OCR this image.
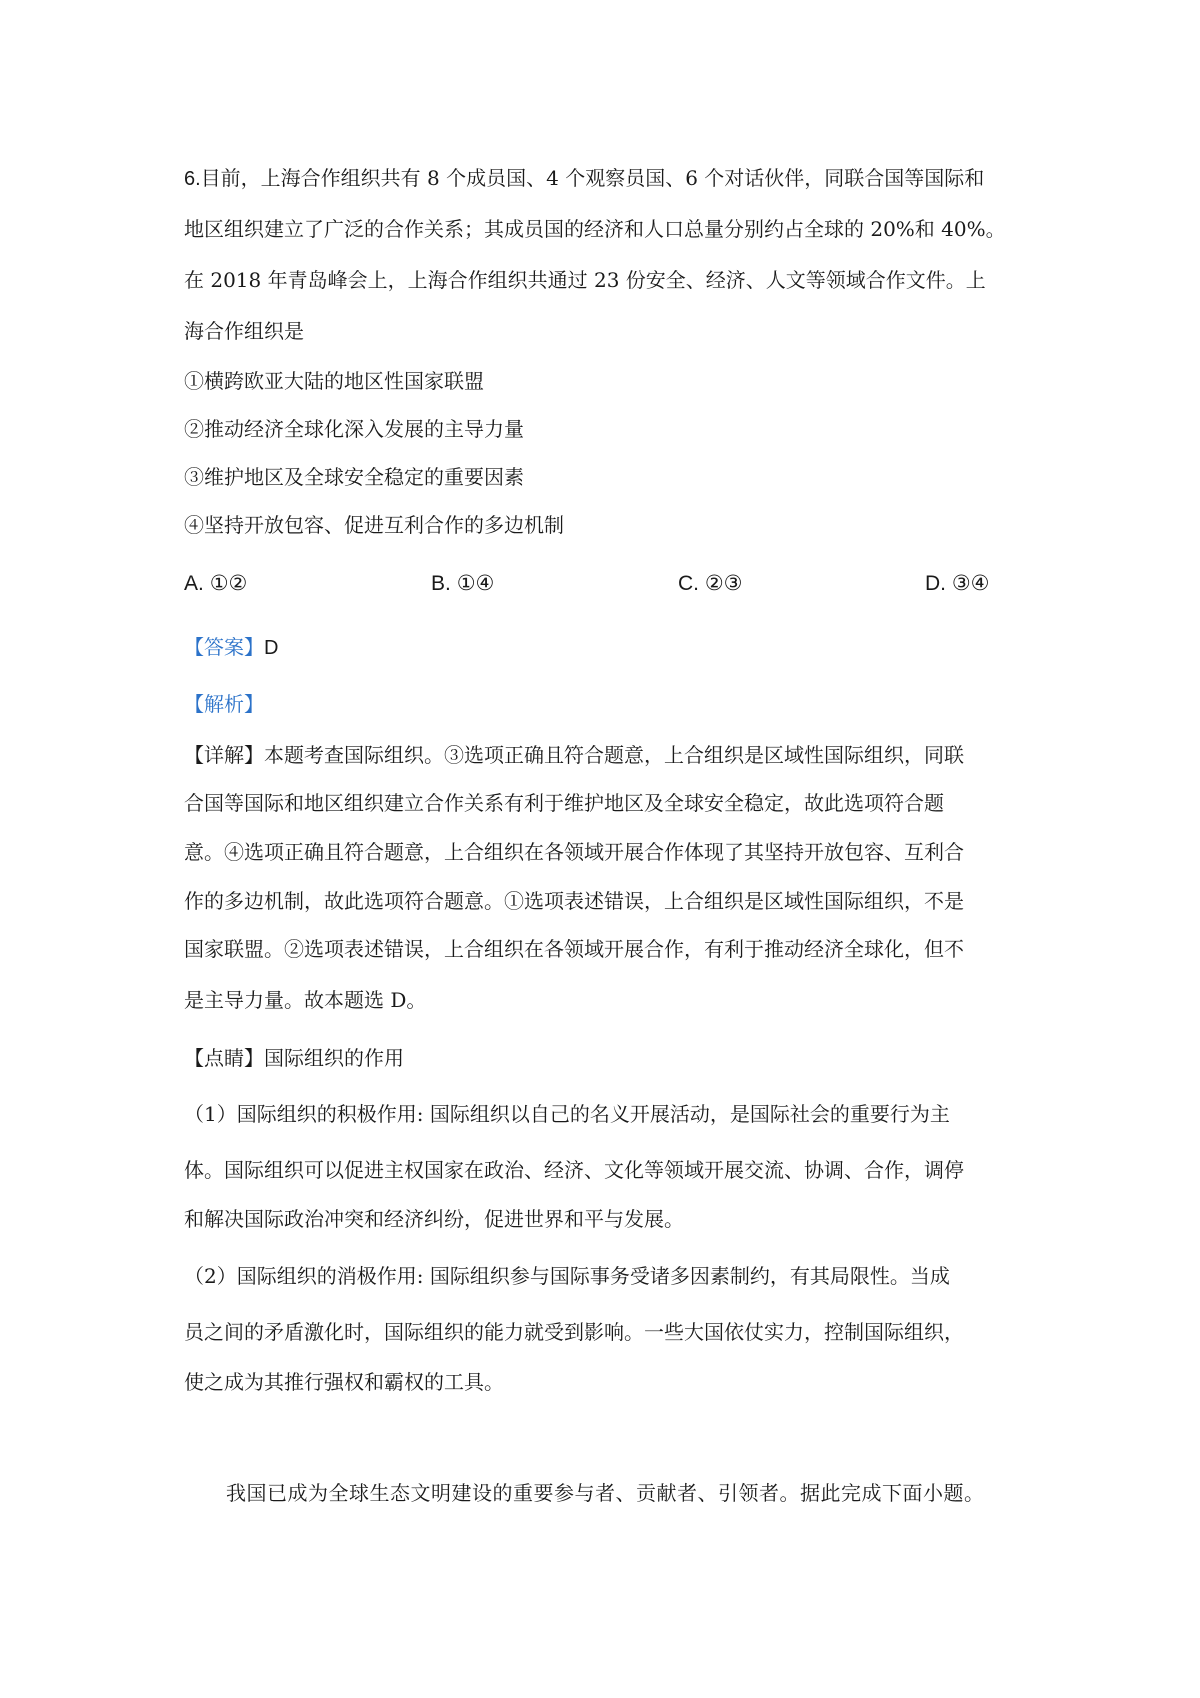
6.目前，上海合作组织共有 8 个成员国、4 个观察员国、6 个对话伙伴，同联合国等国际和
地区组织建立了广泛的合作关系；其成员国的经济和人口总量分别约占全球的 20%和 40%。
在 2018 年青岛峰会上，上海合作组织共通过 23 份安全、经济、人文等领域合作文件。上
海合作组织是
①横跨欧亚大陆的地区性国家联盟
②推动经济全球化深入发展的主导力量
③维护地区及全球安全稳定的重要因素
④坚持开放包容、促进互利合作的多边机制
A. ①②	B. ①④	C. ②③	D. ③④
【答案】D
【解析】
【详解】本题考查国际组织。③选项正确且符合题意，上合组织是区域性国际组织，同联
合国等国际和地区组织建立合作关系有利于维护地区及全球安全稳定，故此选项符合题
意。④选项正确且符合题意，上合组织在各领域开展合作体现了其坚持开放包容、互利合
作的多边机制，故此选项符合题意。①选项表述错误，上合组织是区域性国际组织，不是
国家联盟。②选项表述错误，上合组织在各领域开展合作，有利于推动经济全球化，但不
是主导力量。故本题选 D。
【点睛】国际组织的作用
（1）国际组织的积极作用: 国际组织以自己的名义开展活动，是国际社会的重要行为主
体。国际组织可以促进主权国家在政治、经济、文化等领域开展交流、协调、合作，调停
和解决国际政治冲突和经济纠纷，促进世界和平与发展。
（2）国际组织的消极作用: 国际组织参与国际事务受诸多因素制约，有其局限性。当成
员之间的矛盾激化时，国际组织的能力就受到影响。一些大国依仗实力，控制国际组织，
使之成为其推行强权和霸权的工具。
我国已成为全球生态文明建设的重要参与者、贡献者、引领者。据此完成下面小题。
